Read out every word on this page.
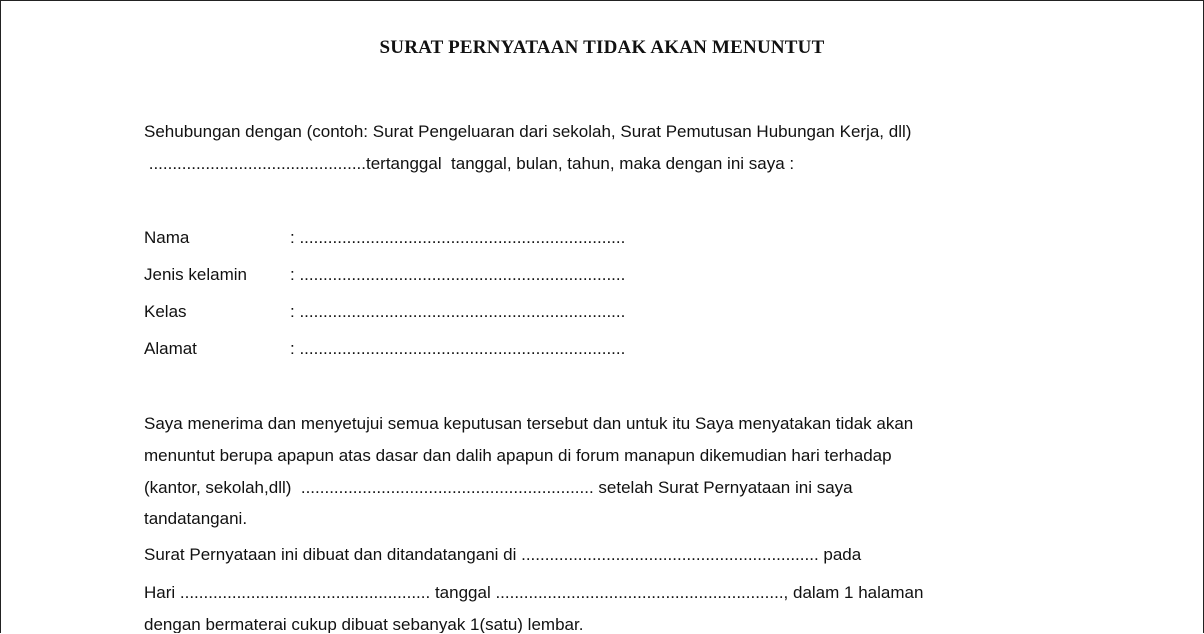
SURAT PERNYATAAN TIDAK AKAN MENUNTUT
Sehubungan dengan (contoh: Surat Pengeluaran dari sekolah, Surat Pemutusan Hubungan Kerja, dll)
..............................................tertanggal  tanggal, bulan, tahun, maka dengan ini saya :
Nama	: .....................................................................
Jenis kelamin	: .....................................................................
Kelas	: .....................................................................
Alamat	: .....................................................................
Saya menerima dan menyetujui semua keputusan tersebut dan untuk itu Saya menyatakan tidak akan
menuntut berupa apapun atas dasar dan dalih apapun di forum manapun dikemudian hari terhadap
(kantor, sekolah,dll)  .............................................................. setelah Surat Pernyataan ini saya
tandatangani.
Surat Pernyataan ini dibuat dan ditandatangani di ............................................................... pada
Hari ..................................................... tanggal ............................................................., dalam 1 halaman
dengan bermaterai cukup dibuat sebanyak 1(satu) lembar.
